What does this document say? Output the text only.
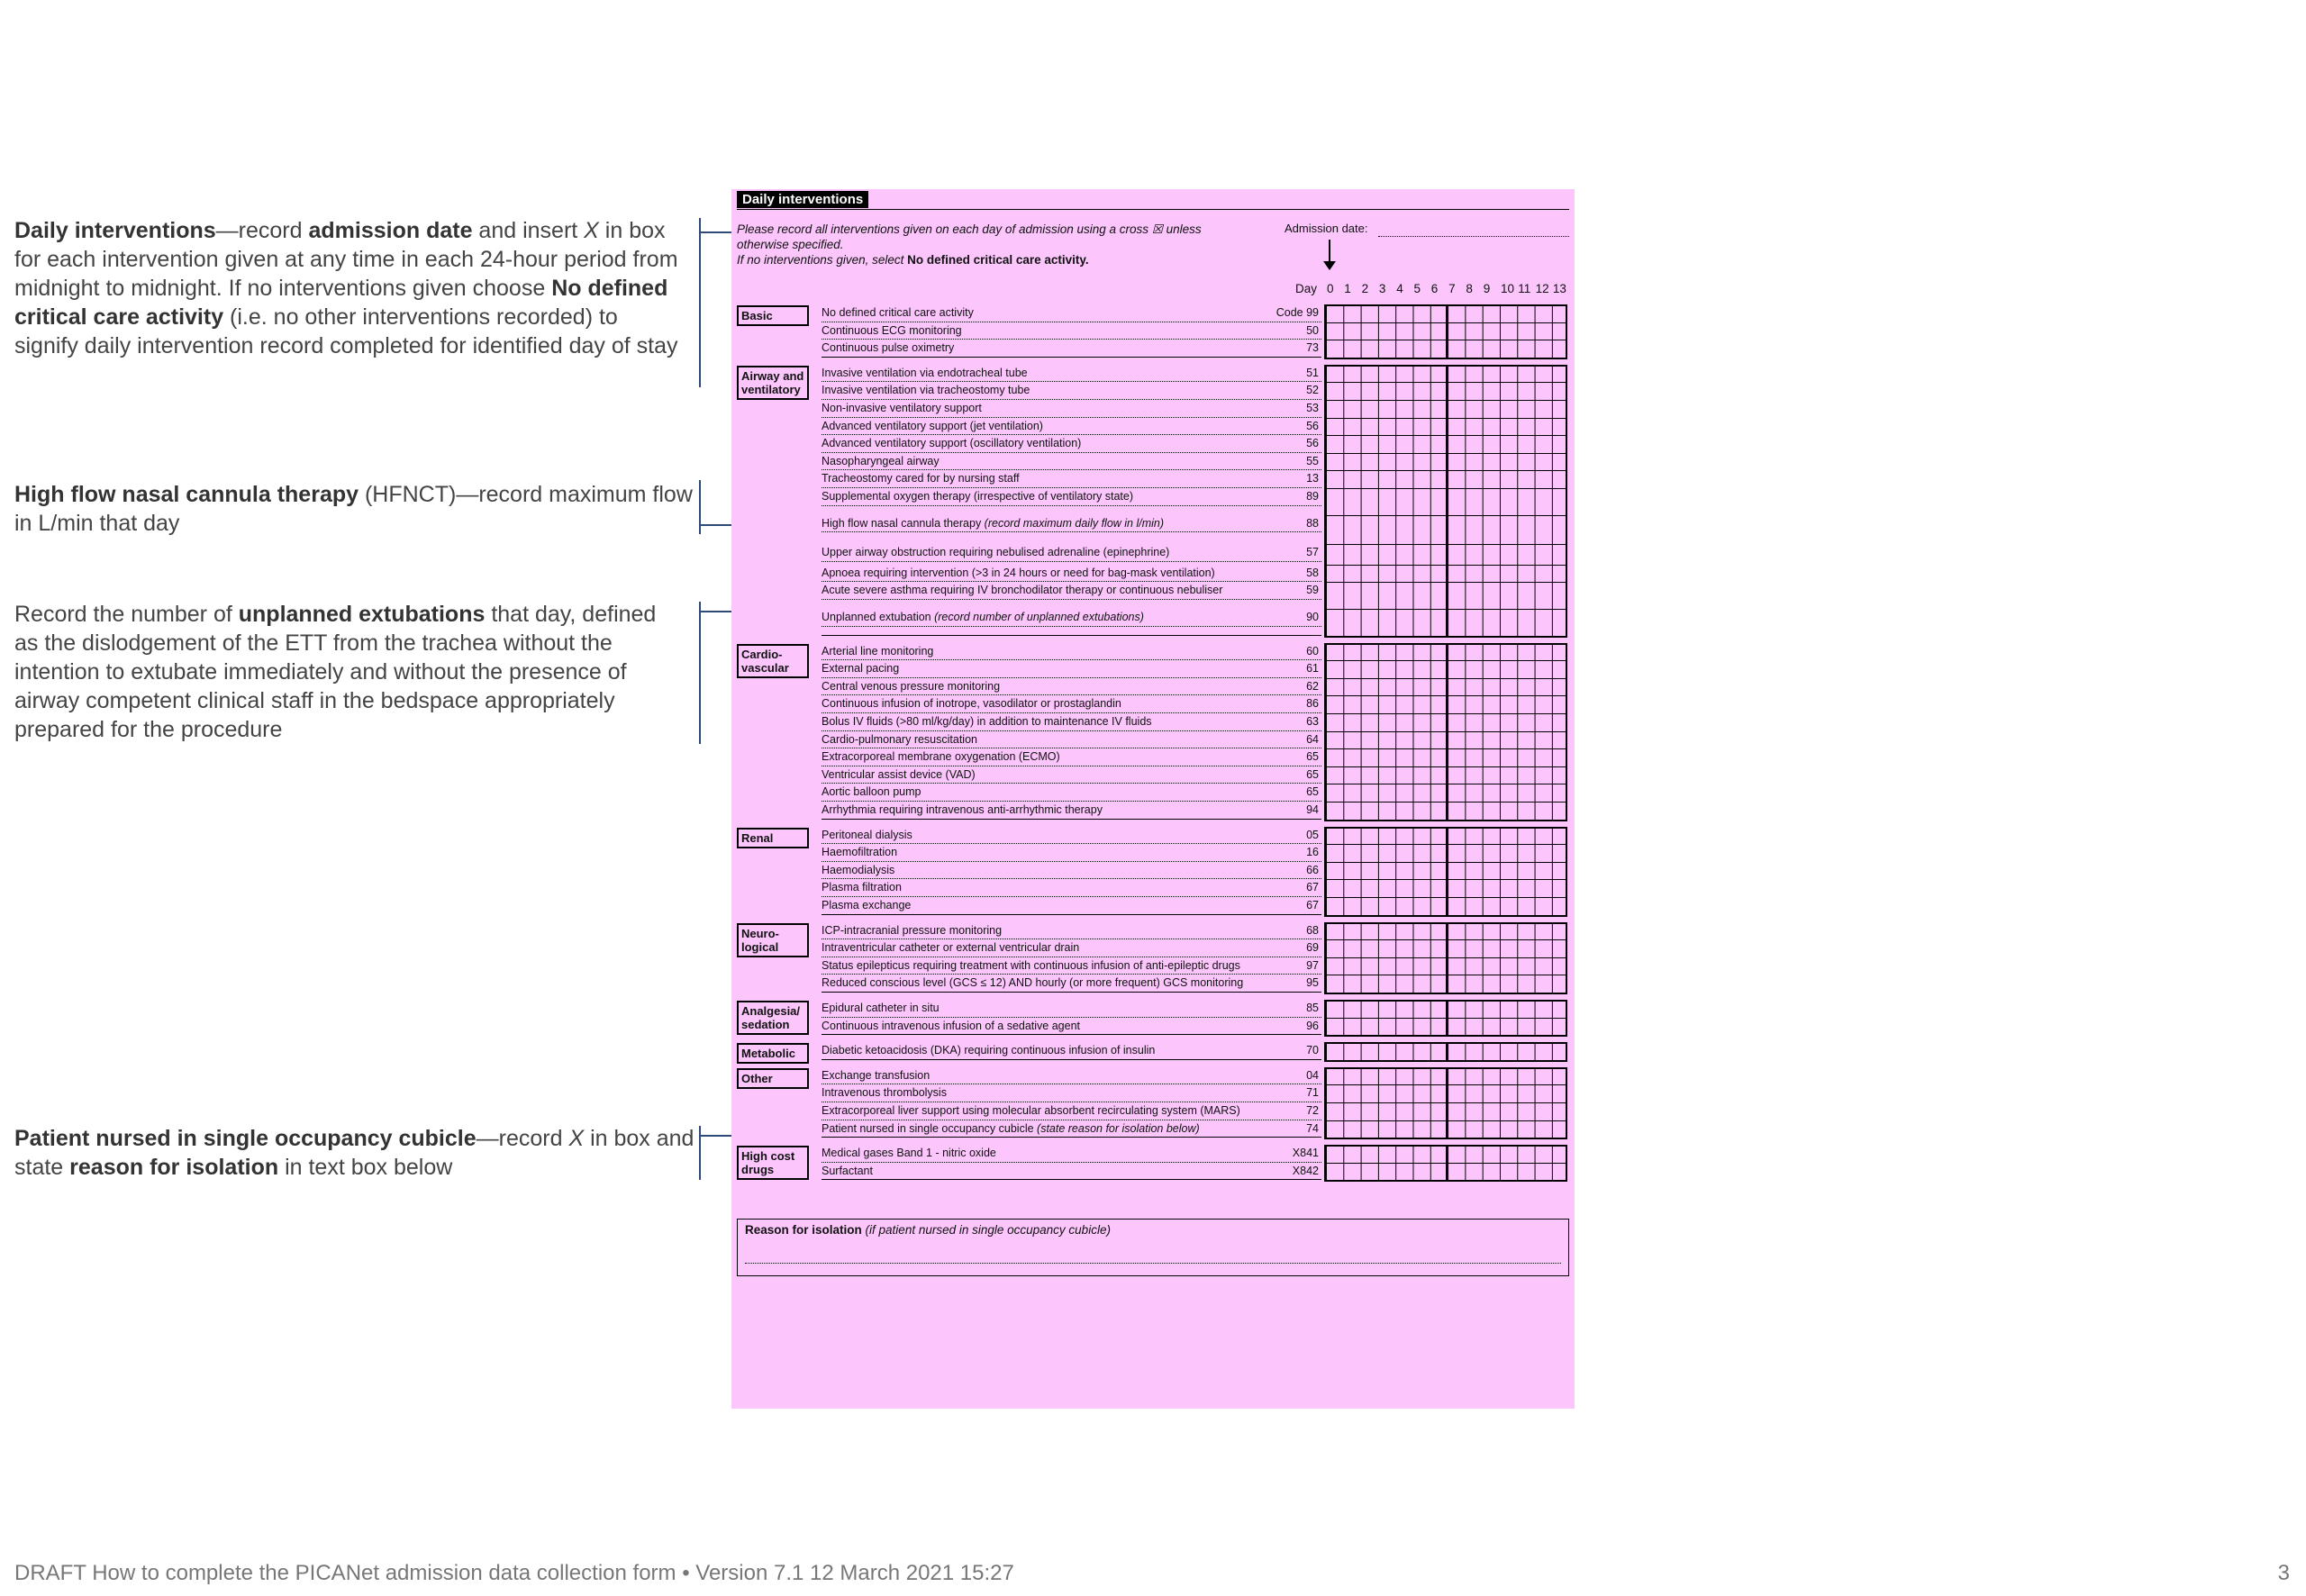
Daily interventions—record admission date and insert X in box for each intervention given at any time in each 24-hour period from midnight to midnight. If no interventions given choose No defined critical care activity (i.e. no other interventions recorded) to signify daily intervention record completed for identified day of stay
High flow nasal cannula therapy (HFNCT)—record maximum flow in L/min that day
Record the number of unplanned extubations that day, defined as the dislodgement of the ETT from the trachea without the intention to extubate immediately and without the presence of airway competent clinical staff in the bedspace appropriately prepared for the procedure
Patient nursed in single occupancy cubicle—record X in box and state reason for isolation in text box below
Daily interventions
Please record all interventions given on each day of admission using a cross ☒ unless otherwise specified.
If no interventions given, select No defined critical care activity.
Admission date:
Day 0 1 2 3 4 5 6 7 8 9 10 11 12 13
Basic	No defined critical care activity	Code 99
Continuous ECG monitoring	50
Continuous pulse oximetry	73
Airway and ventilatory
Invasive ventilation via endotracheal tube	51
Invasive ventilation via tracheostomy tube	52
Non-invasive ventilatory support	53
Advanced ventilatory support (jet ventilation)	56
Advanced ventilatory support (oscillatory ventilation)	56
Nasopharyngeal airway	55
Tracheostomy cared for by nursing staff	13
Supplemental oxygen therapy (irrespective of ventilatory state)	89
High flow nasal cannula therapy (record maximum daily flow in l/min)	88
Upper airway obstruction requiring nebulised adrenaline (epinephrine)	57
Apnoea requiring intervention (>3 in 24 hours or need for bag-mask ventilation)	58
Acute severe asthma requiring IV bronchodilator therapy or continuous nebuliser	59
Unplanned extubation (record number of unplanned extubations)	90
Cardio-vascular
Arterial line monitoring	60
External pacing	61
Central venous pressure monitoring	62
Continuous infusion of inotrope, vasodilator or prostaglandin	86
Bolus IV fluids (>80 ml/kg/day) in addition to maintenance IV fluids	63
Cardio-pulmonary resuscitation	64
Extracorporeal membrane oxygenation (ECMO)	65
Ventricular assist device (VAD)	65
Aortic balloon pump	65
Arrhythmia requiring intravenous anti-arrhythmic therapy	94
Renal	Peritoneal dialysis	05
Haemofiltration	16
Haemodialysis	66
Plasma filtration	67
Plasma exchange	67
Neuro-logical
ICP-intracranial pressure monitoring	68
Intraventricular catheter or external ventricular drain	69
Status epilepticus requiring treatment with continuous infusion of anti-epileptic drugs	97
Reduced conscious level (GCS ≤ 12) AND hourly (or more frequent) GCS monitoring	95
Analgesia/ sedation
Epidural catheter in situ	85
Continuous intravenous infusion of a sedative agent	96
Metabolic	Diabetic ketoacidosis (DKA) requiring continuous infusion of insulin	70
Other	Exchange transfusion	04
Intravenous thrombolysis	71
Extracorporeal liver support using molecular absorbent recirculating system (MARS)	72
Patient nursed in single occupancy cubicle (state reason for isolation below)	74
High cost drugs
Medical gases Band 1 - nitric oxide	X841
Surfactant	X842
Reason for isolation (if patient nursed in single occupancy cubicle)
DRAFT How to complete the PICANet admission data collection form • Version 7.1 12 March 2021 15:27	3
